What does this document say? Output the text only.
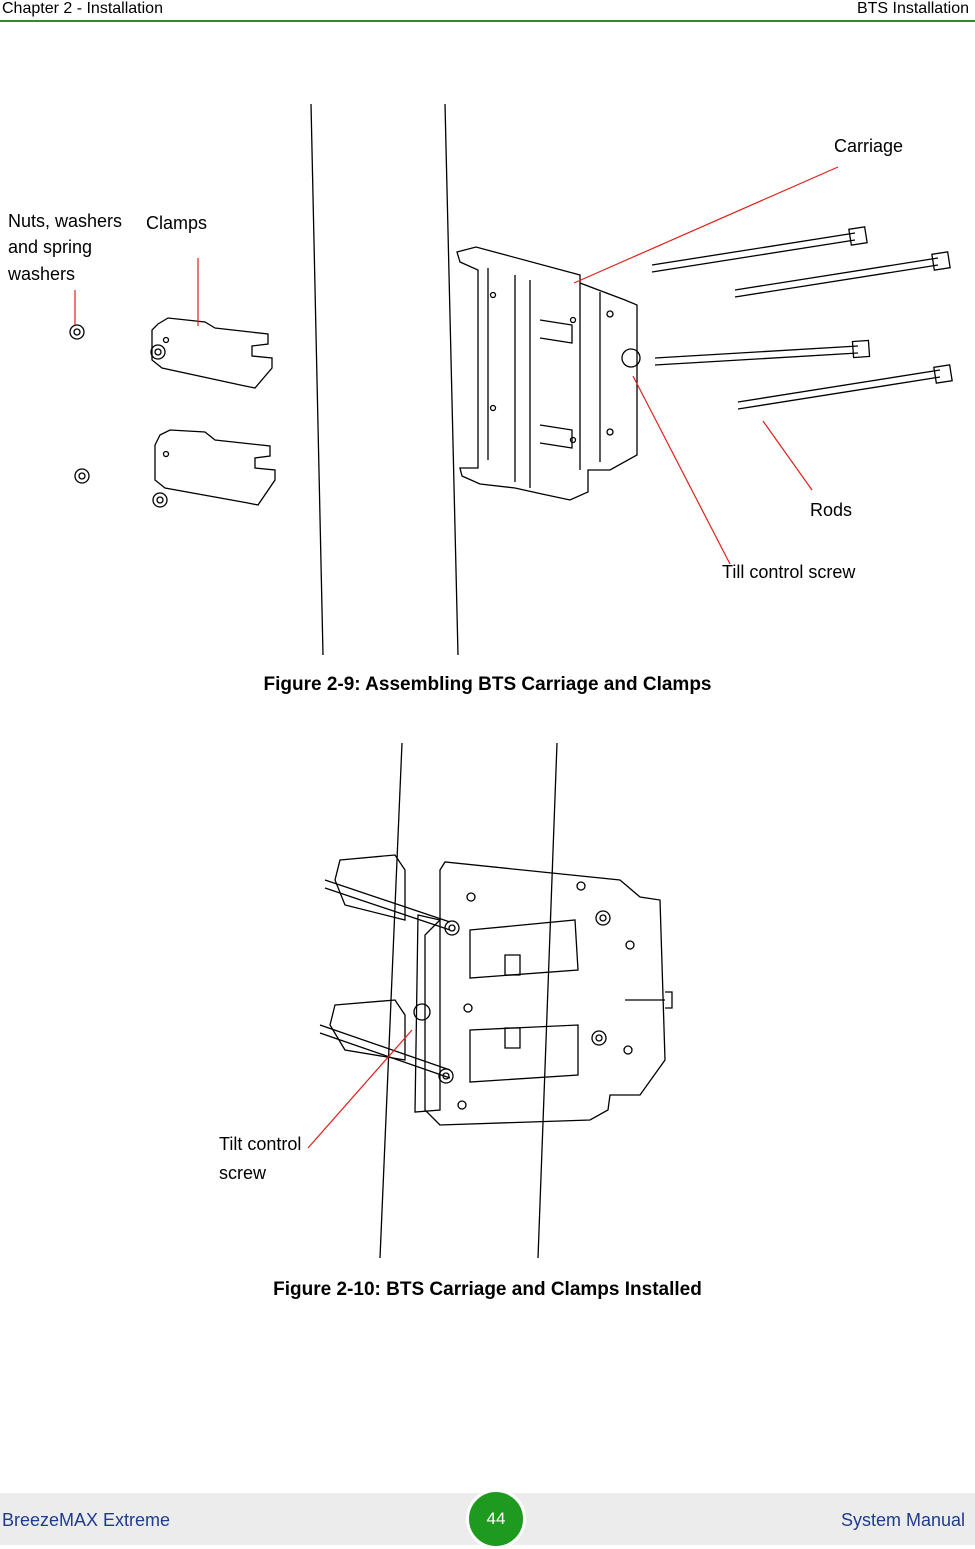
Chapter 2 - Installation	BTS Installation
Nuts, washers
and spring
washers
Clamps
Carriage
Rods
Till control screw
Figure 2-9: Assembling BTS Carriage and Clamps
Tilt control
screw
Figure 2-10: BTS Carriage and Clamps Installed
BreezeMAX Extreme	44	System Manual
